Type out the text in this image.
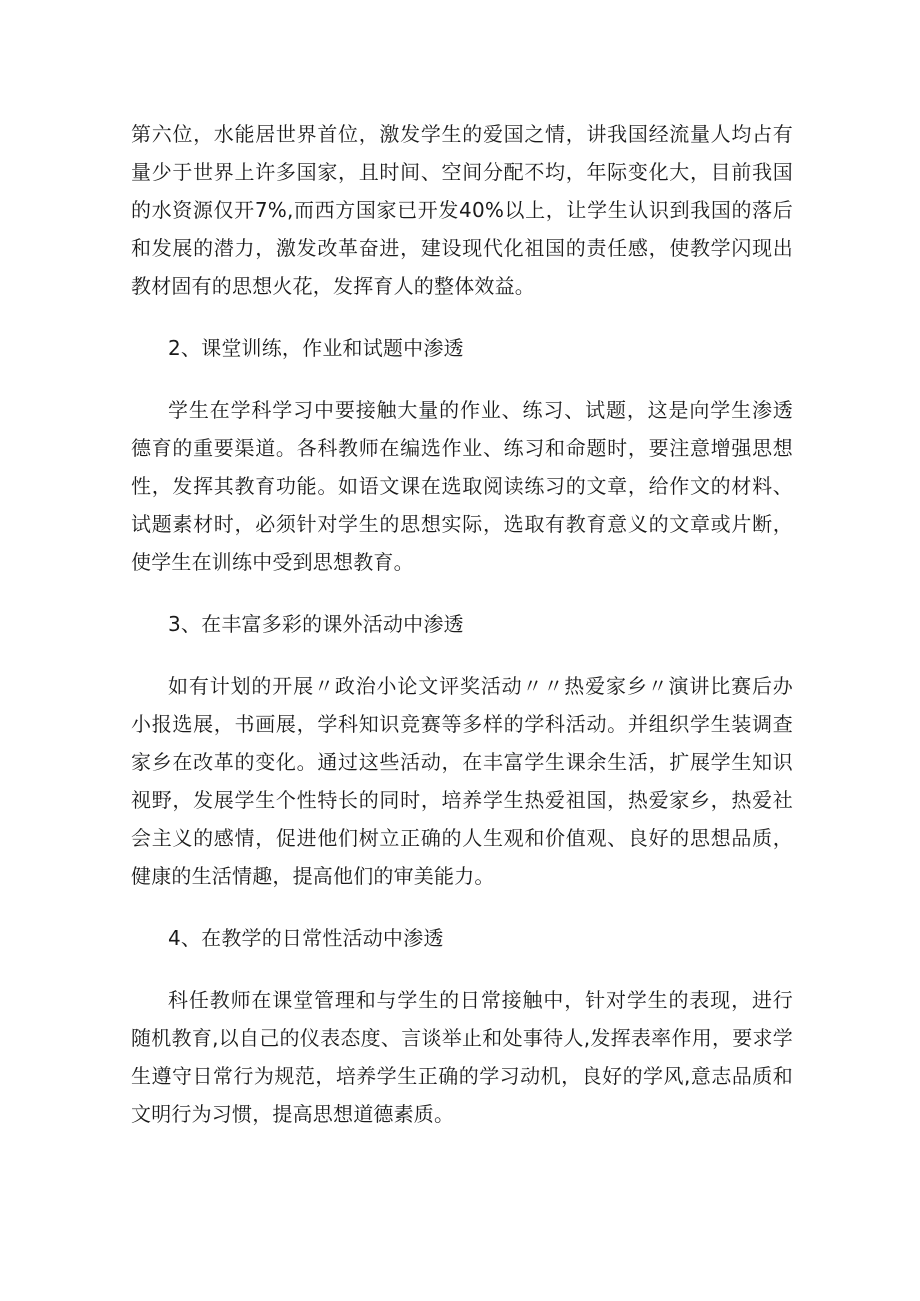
第六位，水能居世界首位，激发学生的爱国之情，讲我国经流量人均占有量少于世界上许多国家，且时间、空间分配不均，年际变化大，目前我国的水资源仅开7%,而西方国家已开发40%以上，让学生认识到我国的落后和发展的潜力，激发改革奋进，建设现代化祖国的责任感，使教学闪现出教材固有的思想火花，发挥育人的整体效益。

2、课堂训练，作业和试题中渗透

学生在学科学习中要接触大量的作业、练习、试题，这是向学生渗透德育的重要渠道。各科教师在编选作业、练习和命题时，要注意增强思想性，发挥其教育功能。如语文课在选取阅读练习的文章，给作文的材料、试题素材时，必须针对学生的思想实际，选取有教育意义的文章或片断，使学生在训练中受到思想教育。

3、在丰富多彩的课外活动中渗透

如有计划的开展〃政治小论文评奖活动〃〃热爱家乡〃演讲比赛后办小报选展，书画展，学科知识竞赛等多样的学科活动。并组织学生装调查家乡在改革的变化。通过这些活动，在丰富学生课余生活，扩展学生知识视野，发展学生个性特长的同时，培养学生热爱祖国，热爱家乡，热爱社会主义的感情，促进他们树立正确的人生观和价值观、良好的思想品质，健康的生活情趣，提高他们的审美能力。

4、在教学的日常性活动中渗透

科任教师在课堂管理和与学生的日常接触中，针对学生的表现，进行随机教育,以自己的仪表态度、言谈举止和处事待人,发挥表率作用，要求学生遵守日常行为规范，培养学生正确的学习动机，良好的学风,意志品质和文明行为习惯，提高思想道德素质。
